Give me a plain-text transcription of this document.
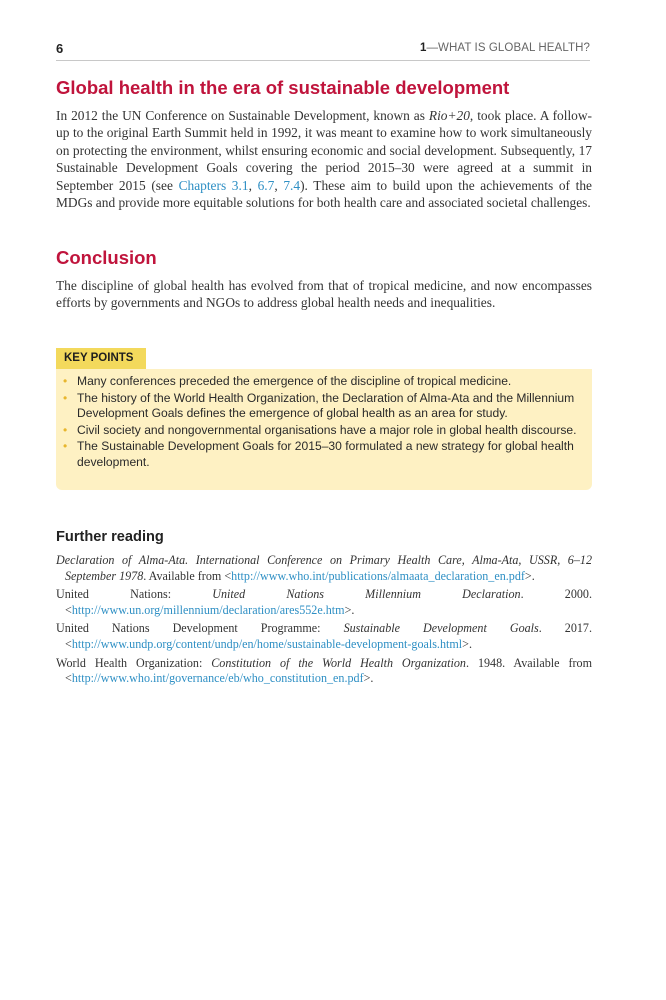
6	1—WHAT IS GLOBAL HEALTH?
Global health in the era of sustainable development

In 2012 the UN Conference on Sustainable Development, known as Rio+20, took place. A follow-up to the original Earth Summit held in 1992, it was meant to examine how to work simultaneously on protecting the environment, whilst ensuring economic and social development. Subsequently, 17 Sustainable Development Goals covering the period 2015–30 were agreed at a summit in September 2015 (see Chapters 3.1, 6.7, 7.4). These aim to build upon the achievements of the MDGs and provide more equitable solutions for both health care and associated societal challenges.

Conclusion

The discipline of global health has evolved from that of tropical medicine, and now encompasses efforts by governments and NGOs to address global health needs and inequalities.

KEY POINTS
• Many conferences preceded the emergence of the discipline of tropical medicine.
• The history of the World Health Organization, the Declaration of Alma-Ata and the Millennium Development Goals defines the emergence of global health as an area for study.
• Civil society and nongovernmental organisations have a major role in global health discourse.
• The Sustainable Development Goals for 2015–30 formulated a new strategy for global health development.
Further reading

Declaration of Alma-Ata. International Conference on Primary Health Care, Alma-Ata, USSR, 6–12 September 1978. Available from <http://www.who.int/publications/almaata_declaration_en.pdf>.

United Nations: United Nations Millennium Declaration. 2000. <http://www.un.org/millennium/declaration/ares552e.htm>.

United Nations Development Programme: Sustainable Development Goals. 2017. <http://www.undp.org/content/undp/en/home/sustainable-development-goals.html>.

World Health Organization: Constitution of the World Health Organization. 1948. Available from <http://www.who.int/governance/eb/who_constitution_en.pdf>.
